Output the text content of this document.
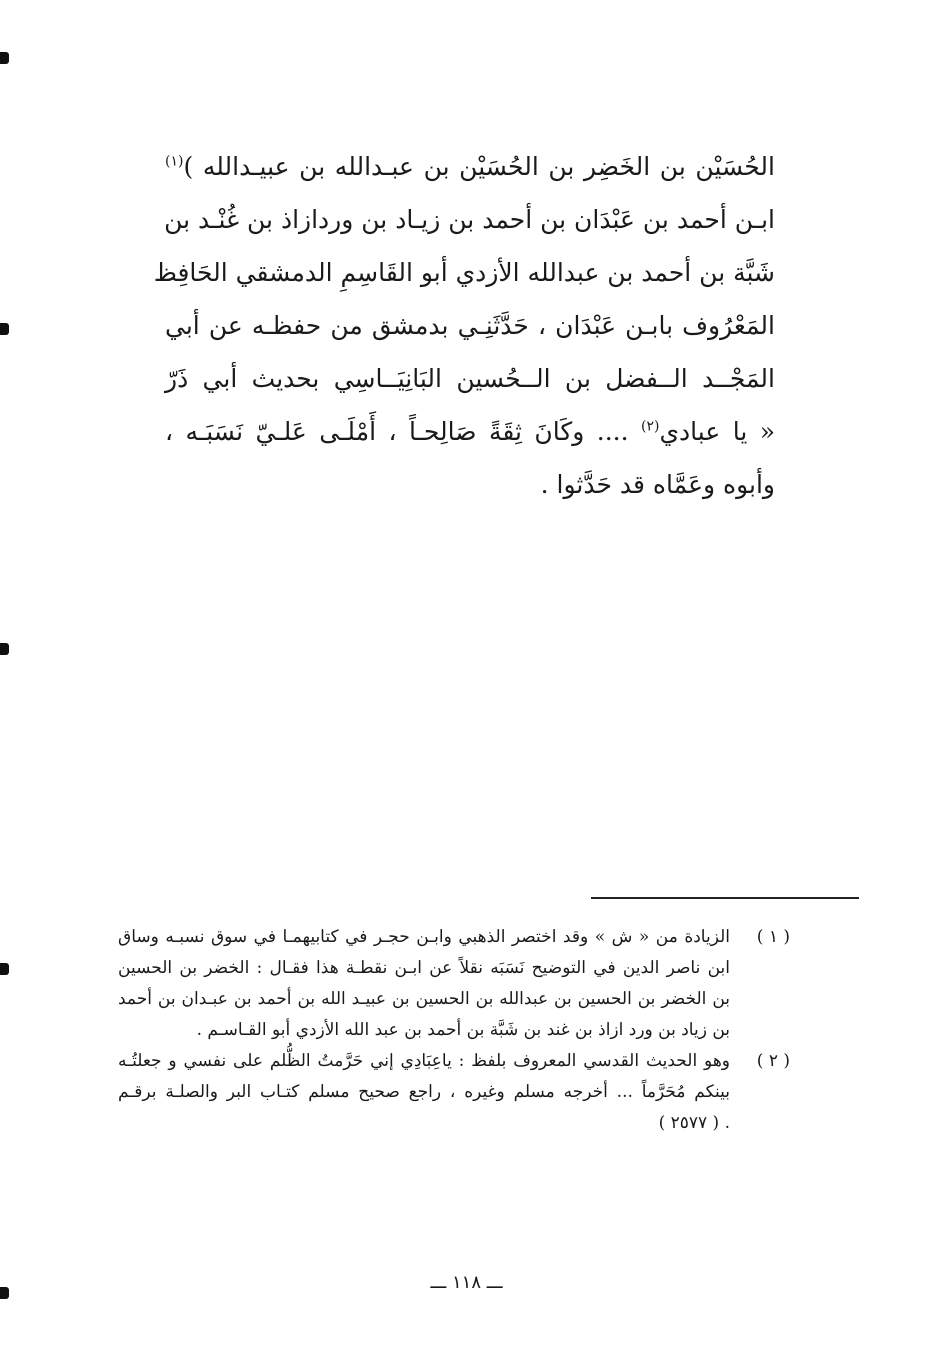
الحُسَيْن بن الخَضِر بن الحُسَيْن بن عبـدالله بن عبيـدالله )$^{(١)}$
ابـن أحمد بن عَبْدَان بن أحمد بن زيـاد بن وردازاذ بن غُنْـد بن
شَبَّة بن أحمد بن عبدالله الأزدي أبو القَاسِمِ الدمشقي الحَافِظ
المَعْرُوف بابـن عَبْدَان ، حَدَّثَنِـي بدمشق من حفظـه عن أبي
المَجْــد الــفضل بن الــحُسين البَانِيَــاسِي بحديث أبي ذَرّ
« يا عبادي$^{(٢)}$ .... وكَانَ ثِقَةً صَالِحـاً ، أَمْلَـى عَلـيّ نَسَبَـه ،
وأبوه وعَمَّاه قد حَدَّثوا .
( ١ )
الزيادة من « ش » وقد اختصر الذهبي وابـن حجـر في كتابيهمـا في سوق نسبـه وساق
ابن ناصر الدين في التوضيح نَسَبَه نقلاً عن ابـن نقطـة هذا فقـال : الخضر بن الحسين
بن الخضر بن الحسين بن عبدالله بن الحسين بن عبيـد الله بن أحمد بن عبـدان بن أحمد
بن زياد بن ورد ازاذ بن غند بن شَبَّة بن أحمد بن عبد الله الأزدي أبو القـاسـم .
( ٢ )
وهو الحديث القدسي المعروف بلفظ : ياعِبَادِي إني حَرَّمتُ الظُّلم على نفسي و جعلتُـه
بينكم مُحَرَّماً ... أخرجه مسلم وغيره ، راجع صحيح مسلم كتـاب البر والصلـة برقـم
. ( ٢٥٧٧ )
ـــ ١١٨ ـــ
